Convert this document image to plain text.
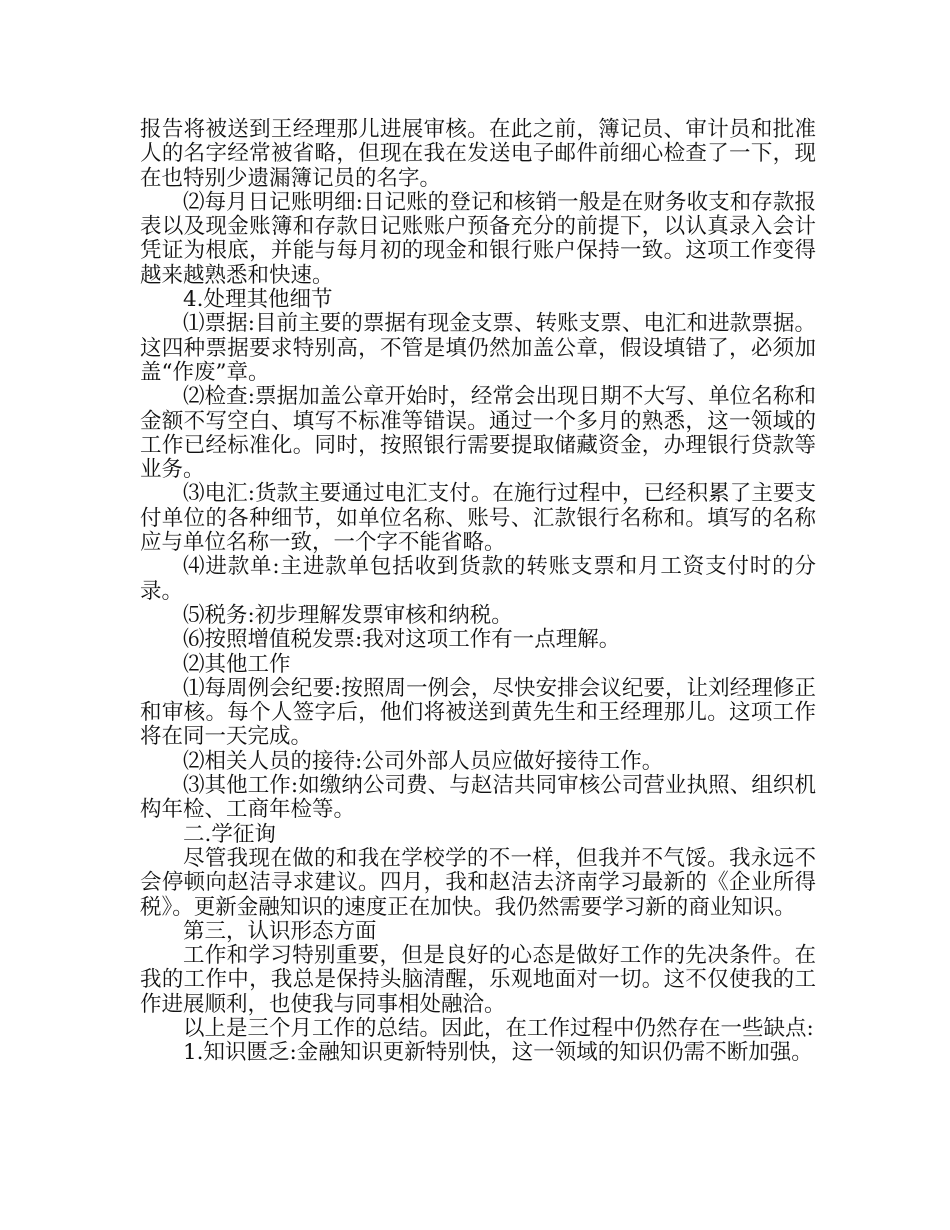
报告将被送到王经理那儿进展审核。在此之前，簿记员、审计员和批准人的名字经常被省略，但现在我在发送电子邮件前细心检查了一下，现在也特别少遗漏簿记员的名字。

⑵每月日记账明细:日记账的登记和核销一般是在财务收支和存款报表以及现金账簿和存款日记账账户预备充分的前提下，以认真录入会计凭证为根底，并能与每月初的现金和银行账户保持一致。这项工作变得越来越熟悉和快速。

4.处理其他细节

⑴票据:目前主要的票据有现金支票、转账支票、电汇和进款票据。这四种票据要求特别高，不管是填仍然加盖公章，假设填错了，必须加盖“作废”章。

⑵检查:票据加盖公章开始时，经常会出现日期不大写、单位名称和金额不写空白、填写不标准等错误。通过一个多月的熟悉，这一领域的工作已经标准化。同时，按照银行需要提取储藏资金，办理银行贷款等业务。

⑶电汇:货款主要通过电汇支付。在施行过程中，已经积累了主要支付单位的各种细节，如单位名称、账号、汇款银行名称和。填写的名称应与单位名称一致，一个字不能省略。

⑷进款单:主进款单包括收到货款的转账支票和月工资支付时的分录。

⑸税务:初步理解发票审核和纳税。

⑹按照增值税发票:我对这项工作有一点理解。

⑵其他工作

⑴每周例会纪要:按照周一例会，尽快安排会议纪要，让刘经理修正和审核。每个人签字后，他们将被送到黄先生和王经理那儿。这项工作将在同一天完成。

⑵相关人员的接待:公司外部人员应做好接待工作。

⑶其他工作:如缴纳公司费、与赵洁共同审核公司营业执照、组织机构年检、工商年检等。

二.学征询

尽管我现在做的和我在学校学的不一样，但我并不气馁。我永远不会停顿向赵洁寻求建议。四月，我和赵洁去济南学习最新的《企业所得税》。更新金融知识的速度正在加快。我仍然需要学习新的商业知识。

第三，认识形态方面

工作和学习特别重要，但是良好的心态是做好工作的先决条件。在我的工作中，我总是保持头脑清醒，乐观地面对一切。这不仅使我的工作进展顺利，也使我与同事相处融洽。

以上是三个月工作的总结。因此，在工作过程中仍然存在一些缺点:

1.知识匮乏:金融知识更新特别快，这一领域的知识仍需不断加强。
